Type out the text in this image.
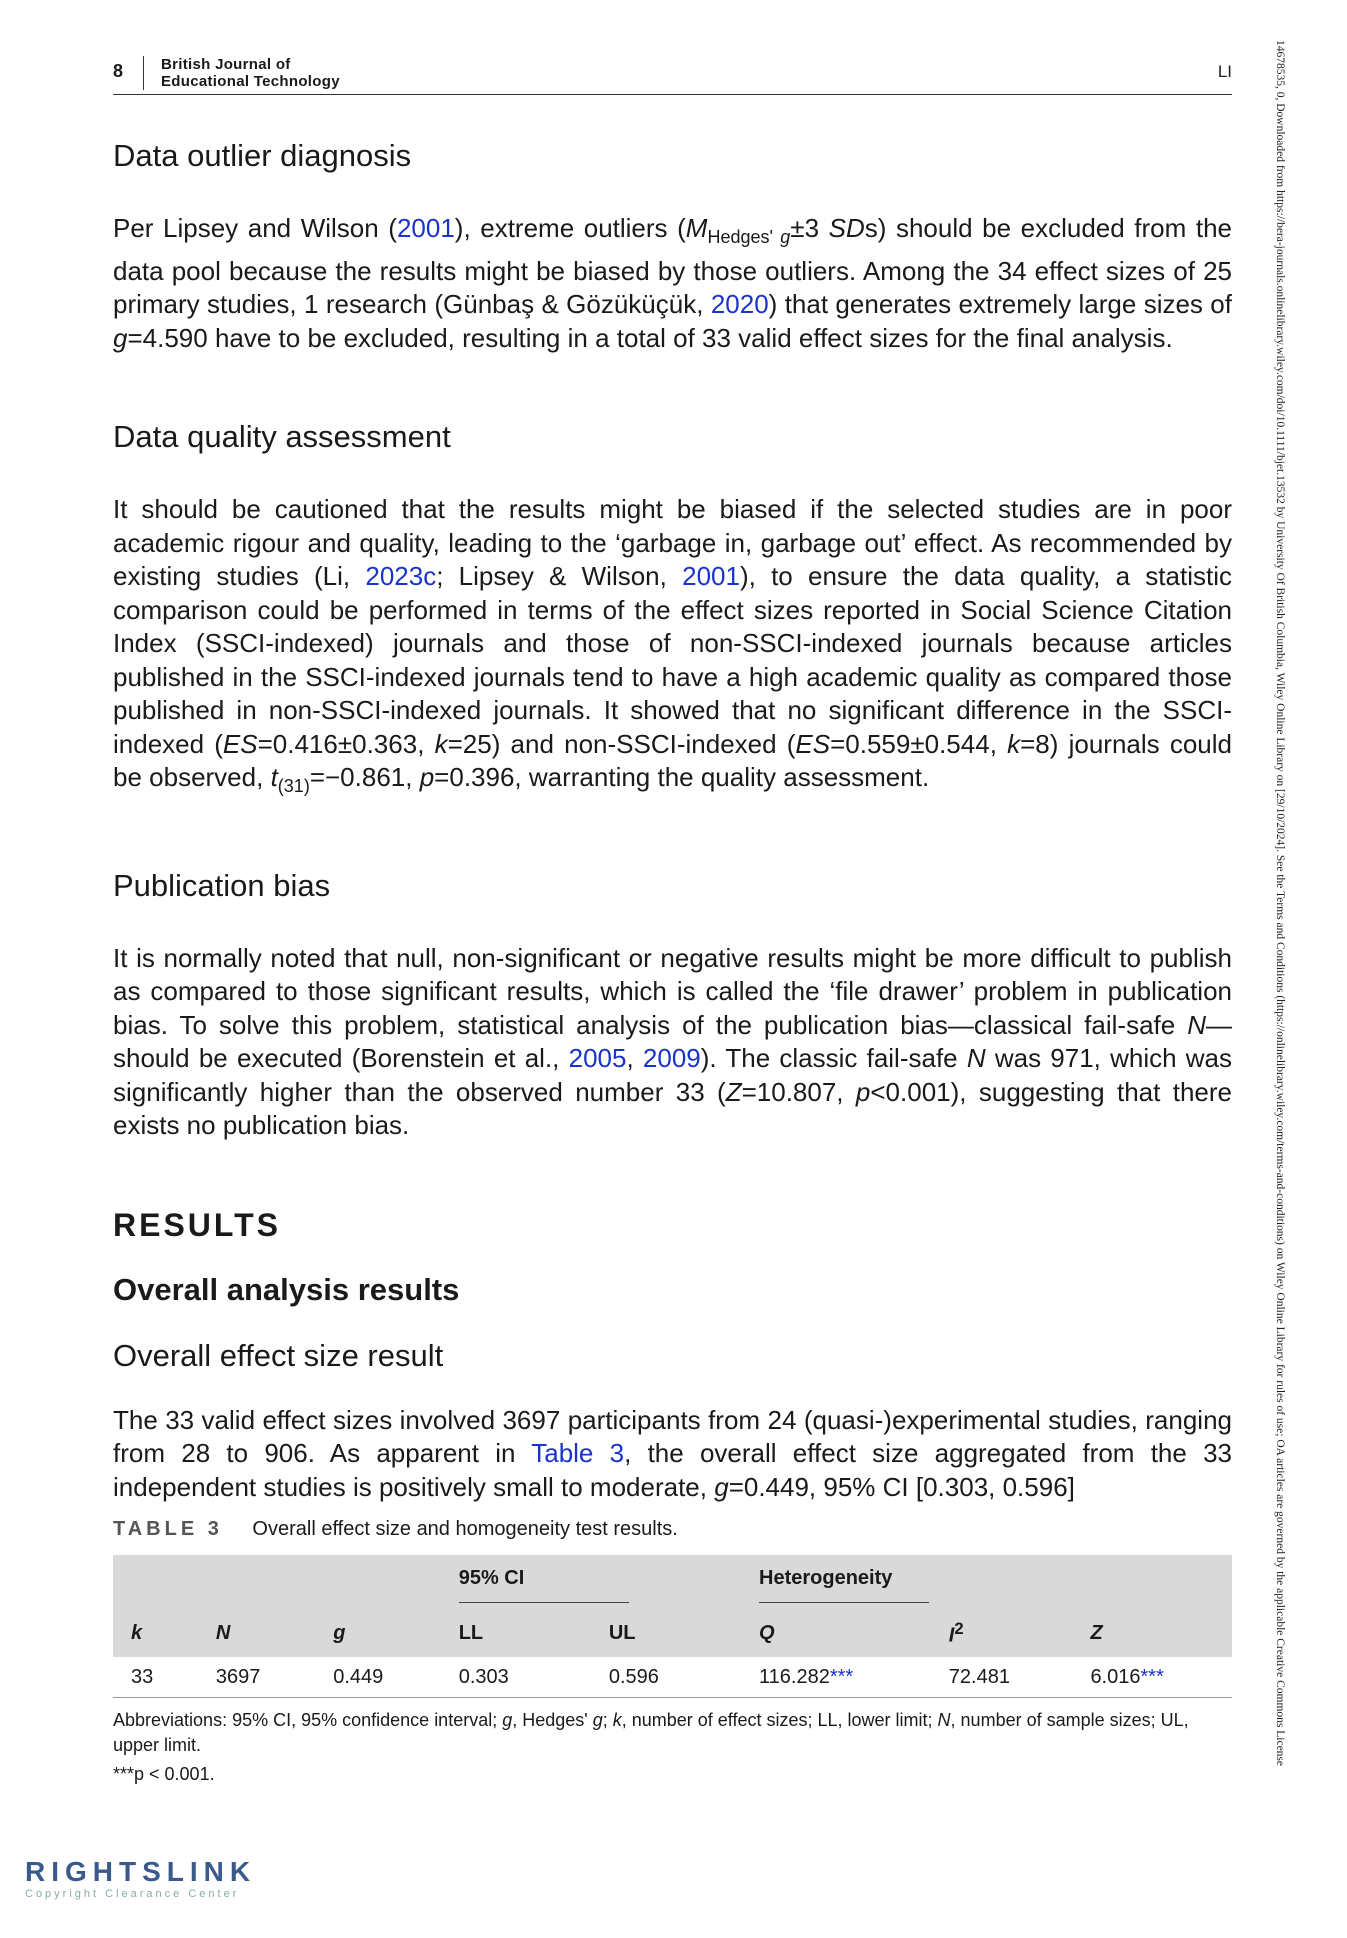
8	British Journal of
Educational Technology
LI	14678535, 0, Downloaded from https://bera-journals.onlinelibrary.wiley.com/doi/10.1111/bjet.13532 by University Of British Columbia, Wiley Online Library on [29/10/2024]. See the Terms and Conditions (https://onlinelibrary.wiley.com/terms-and-conditions) on Wiley Online Library for rules of use; OA articles are governed by the applicable Creative Commons License
Data outlier diagnosis

Per Lipsey and Wilson (2001), extreme outliers ($M_{Hedges' g}\pm 3$ SDs) should be excluded from the data pool because the results might be biased by those outliers. Among the 34 effect sizes of 25 primary studies, 1 research (Günbaş & Gözüküçük, 2020) that generates extremely large sizes of g=4.590 have to be excluded, resulting in a total of 33 valid effect sizes for the final analysis.

Data quality assessment

It should be cautioned that the results might be biased if the selected studies are in poor academic rigour and quality, leading to the ‘garbage in, garbage out’ effect. As recommended by existing studies (Li, 2023c; Lipsey & Wilson, 2001), to ensure the data quality, a statistic comparison could be performed in terms of the effect sizes reported in Social Science Citation Index (SSCI-indexed) journals and those of non-SSCI-indexed journals because articles published in the SSCI-indexed journals tend to have a high academic quality as compared those published in non-SSCI-indexed journals. It showed that no significant difference in the SSCI-indexed (ES=0.416±0.363, k=25) and non-SSCI-indexed (ES=0.559±0.544, k=8) journals could be observed, $t_{(31)}=-0.861$, p=0.396, warranting the quality assessment.

Publication bias

It is normally noted that null, non-significant or negative results might be more difficult to publish as compared to those significant results, which is called the ‘file drawer’ problem in publication bias. To solve this problem, statistical analysis of the publication bias—classical fail-safe N—should be executed (Borenstein et al., 2005, 2009). The classic fail-safe N was 971, which was significantly higher than the observed number 33 (Z=10.807, p<0.001), suggesting that there exists no publication bias.

RESULTS
Overall analysis results
Overall effect size result

The 33 valid effect sizes involved 3697 participants from 24 (quasi-)experimental studies, ranging from 28 to 906. As apparent in Table 3, the overall effect size aggregated from the 33 independent studies is positively small to moderate, g=0.449, 95% CI [0.303, 0.596]

TABLE 3 Overall effect size and homogeneity test results.

			95% CI		Heterogeneity		

k	N	g	LL	UL	Q	$I^2$	Z
33	3697	0.449	0.303	0.596	116.282***	72.481	6.016***
Abbreviations: 95% CI, 95% confidence interval; g, Hedges' g; k, number of effect sizes; LL, lower limit; N, number of sample sizes; UL, upper limit.
***p < 0.001.
RIGHTSLINK
Copyright Clearance Center
